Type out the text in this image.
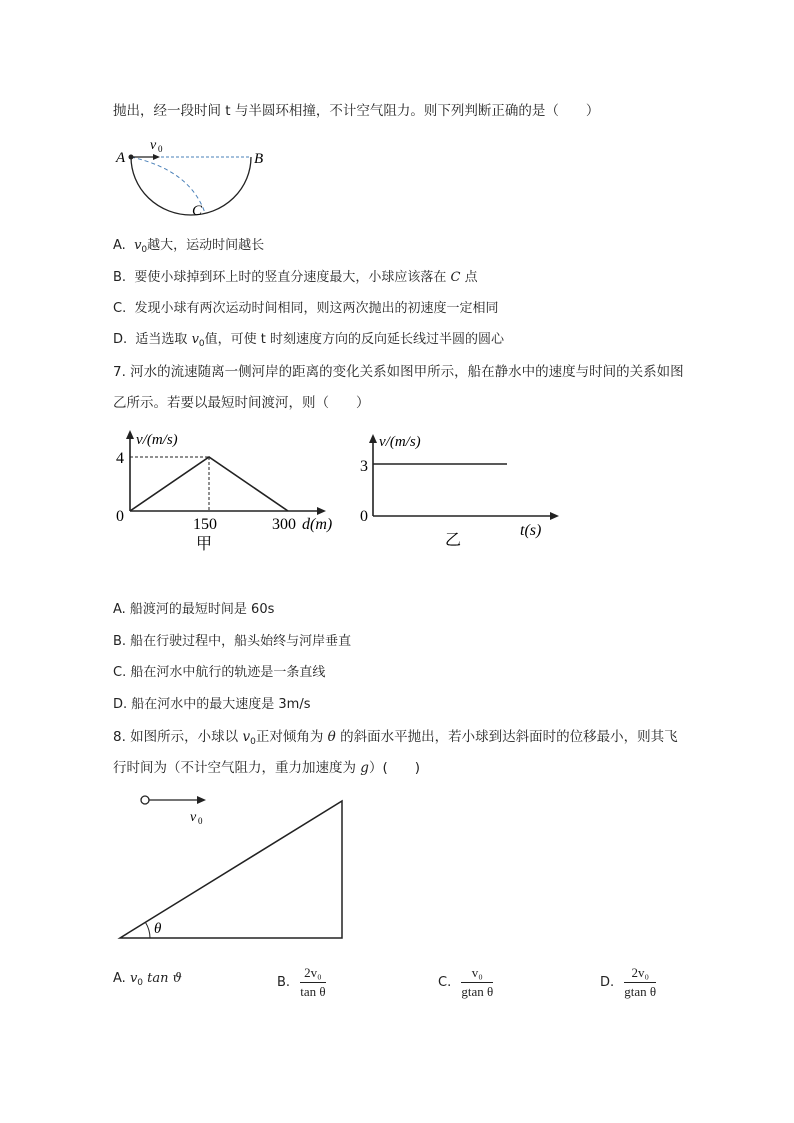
抛出，经一段时间 t 与半圆环相撞，不计空气阻力。则下列判断正确的是（　　）
A	B
C
v 0
A. $v_0$越大，运动时间越长
B. 要使小球掉到环上时的竖直分速度最大，小球应该落在 C 点
C. 发现小球有两次运动时间相同，则这两次抛出的初速度一定相同
D. 适当选取 $v_0$值，可使 t 时刻速度方向的反向延长线过半圆的圆心
7. 河水的流速随离一侧河岸的距离的变化关系如图甲所示，船在静水中的速度与时间的关系如图
乙所示。若要以最短时间渡河，则（　　）
v/(m/s)
4
0	150	300 d(m)
甲
v/(m/s)
3
0
t(s)
乙
A. 船渡河的最短时间是 60s
B. 船在行驶过程中，船头始终与河岸垂直
C. 船在河水中航行的轨迹是一条直线
D. 船在河水中的最大速度是 3m/s
8. 如图所示，小球以 $v_0$正对倾角为 θ 的斜面水平抛出，若小球到达斜面时的位移最小，则其飞
行时间为（不计空气阻力，重力加速度为 g）(　　)
v 0
θ
A. $v_0$ tan ϑ	B. $\frac{\text{2v₀}}{\text{tan θ}}$	C. $\frac{\text{v₀}}{\text{gtan θ}}$	D. $\frac{\text{2v₀}}{\text{gtan θ}}$
